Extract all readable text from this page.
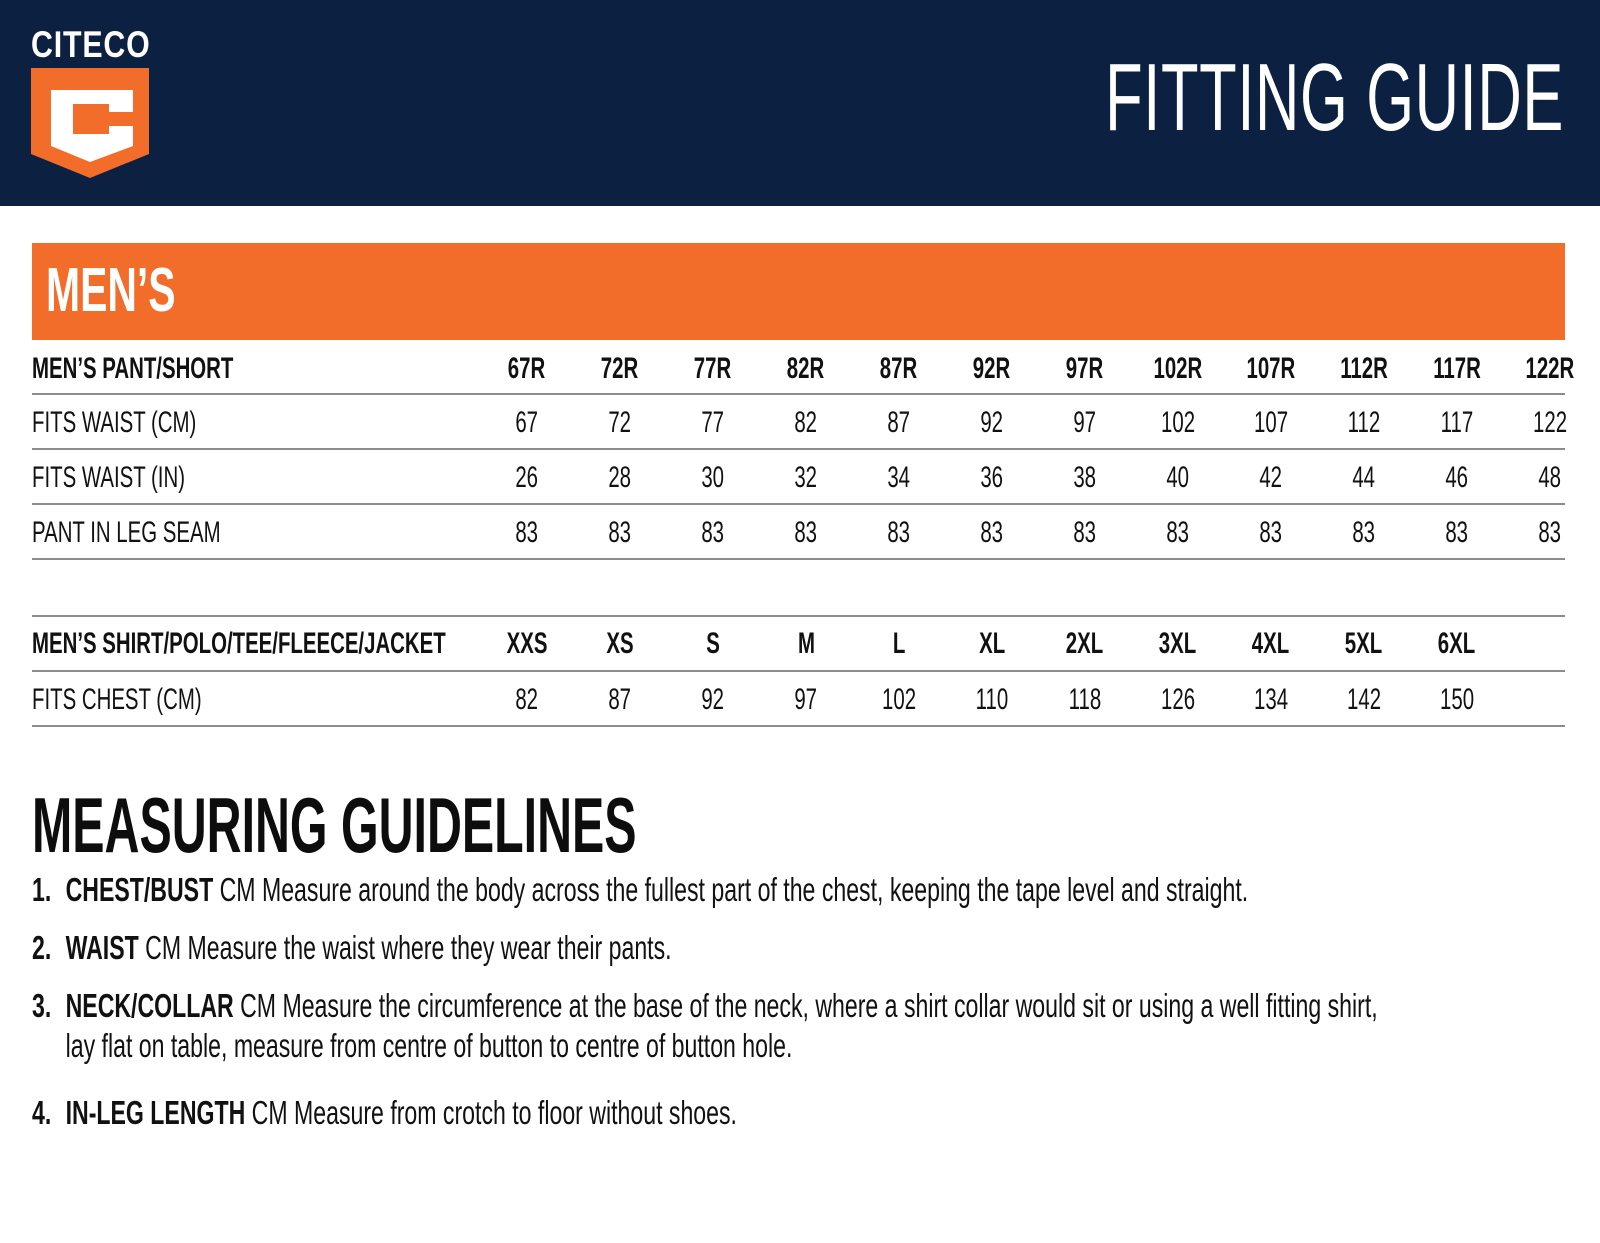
CITECO	FITTING GUIDE
MEN’S
MEN’S PANT/SHORT	67R 72R 77R 82R 87R 92R 97R 102R 107R 112R 117R 122R
FITS WAIST (CM)	67 72 77 82 87 92 97 102 107 112 117 122
FITS WAIST (IN)	26 28 30 32 34 36 38 40 42 44 46 48
PANT IN LEG SEAM	83 83 83 83 83 83 83 83 83 83 83 83
MEN’S SHIRT/POLO/TEE/FLEECE/JACKET XXS XS S	M	L XL 2XL 3XL 4XL 5XL 6XL
FITS CHEST (CM)	82 87 92 97 102 110 118 126 134 142 150
MEASURING GUIDELINES
1. CHEST/BUST CM Measure around the body across the fullest part of the chest, keeping the tape level and straight.
2. WAIST CM Measure the waist where they wear their pants.
3. NECK/COLLAR CM Measure the circumference at the base of the neck, where a shirt collar would sit or using a well fitting shirt,
lay flat on table, measure from centre of button to centre of button hole.
4. IN-LEG LENGTH CM Measure from crotch to floor without shoes.
